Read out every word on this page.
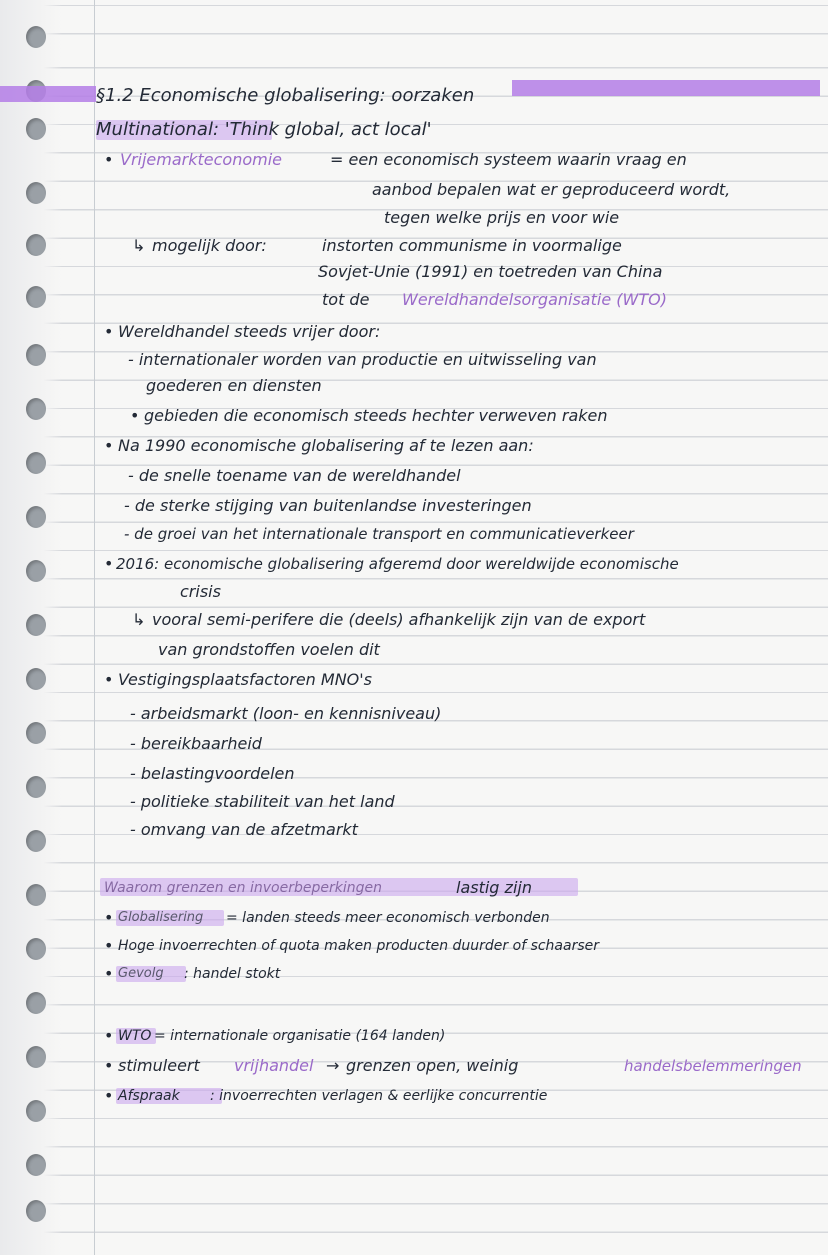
§1.2 Economische globalisering: oorzaken

Multinational: 'Think global, act local'

• Vrijemarkteconomie	= een economisch systeem waarin vraag en

aanbod bepalen wat er geproduceerd wordt,

tegen welke prijs en voor wie

↳ mogelijk door:	instorten communisme in voormalige

Sovjet-Unie (1991) en toetreden van China

tot de Wereldhandelsorganisatie (WTO)

• Wereldhandel steeds vrijer door:

- internationaler worden van productie en uitwisseling van

goederen en diensten

• gebieden die economisch steeds hechter verweven raken

• Na 1990 economische globalisering af te lezen aan:

- de snelle toename van de wereldhandel

- de sterke stijging van buitenlandse investeringen

- de groei van het internationale transport en communicatieverkeer

• 2016: economische globalisering afgeremd door wereldwijde economische

crisis

↳ vooral semi-perifere die (deels) afhankelijk zijn van de export

van grondstoffen voelen dit

• Vestigingsplaatsfactoren MNO's

- arbeidsmarkt (loon- en kennisniveau)

- bereikbaarheid

- belastingvoordelen

- politieke stabiliteit van het land

- omvang van de afzetmarkt

Waarom grenzen en invoerbeperkingen	lastig zijn

• Globalisering = landen steeds meer economisch verbonden

• Hoge invoerrechten of quota maken producten duurder of schaarser

• Gevolg : handel stokt

• WTO = internationale organisatie (164 landen)

• stimuleert vrijhandel → grenzen open, weinig	handelsbelemmeringen

• Afspraak : invoerrechten verlagen & eerlijke concurrentie
